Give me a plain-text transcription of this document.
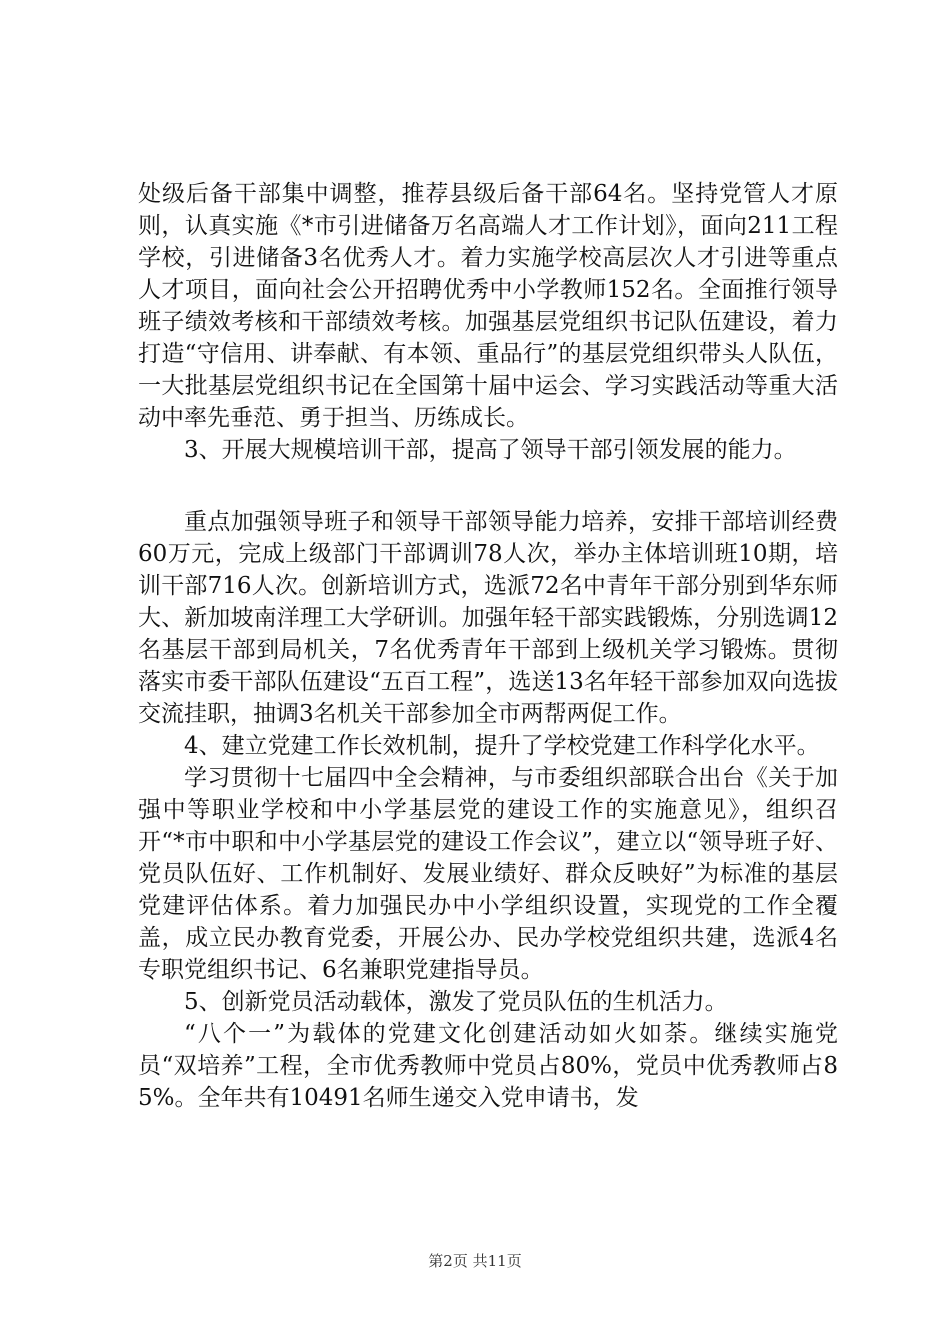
处级后备干部集中调整，推荐县级后备干部64名。坚持党管人才原则，认真实施《*市引进储备万名高端人才工作计划》，面向211工程学校，引进储备3名优秀人才。着力实施学校高层次人才引进等重点人才项目，面向社会公开招聘优秀中小学教师152名。全面推行领导班子绩效考核和干部绩效考核。加强基层党组织书记队伍建设，着力打造“守信用、讲奉献、有本领、重品行”的基层党组织带头人队伍，一大批基层党组织书记在全国第十届中运会、学习实践活动等重大活动中率先垂范、勇于担当、历练成长。

3、开展大规模培训干部，提高了领导干部引领发展的能力。

重点加强领导班子和领导干部领导能力培养，安排干部培训经费60万元，完成上级部门干部调训78人次，举办主体培训班10期，培训干部716人次。创新培训方式，选派72名中青年干部分别到华东师大、新加坡南洋理工大学研训。加强年轻干部实践锻炼，分别选调12名基层干部到局机关，7名优秀青年干部到上级机关学习锻炼。贯彻落实市委干部队伍建设“五百工程”，选送13名年轻干部参加双向选拔交流挂职，抽调3名机关干部参加全市两帮两促工作。

4、建立党建工作长效机制，提升了学校党建工作科学化水平。

学习贯彻十七届四中全会精神，与市委组织部联合出台《关于加强中等职业学校和中小学基层党的建设工作的实施意见》，组织召开“*市中职和中小学基层党的建设工作会议”，建立以“领导班子好、党员队伍好、工作机制好、发展业绩好、群众反映好”为标准的基层党建评估体系。着力加强民办中小学组织设置，实现党的工作全覆盖，成立民办教育党委，开展公办、民办学校党组织共建，选派4名专职党组织书记、6名兼职党建指导员。

5、创新党员活动载体，激发了党员队伍的生机活力。

“八个一”为载体的党建文化创建活动如火如荼。继续实施党员“双培养”工程，全市优秀教师中党员占80%，党员中优秀教师占85%。全年共有10491名师生递交入党申请书，发

第2页 共11页
